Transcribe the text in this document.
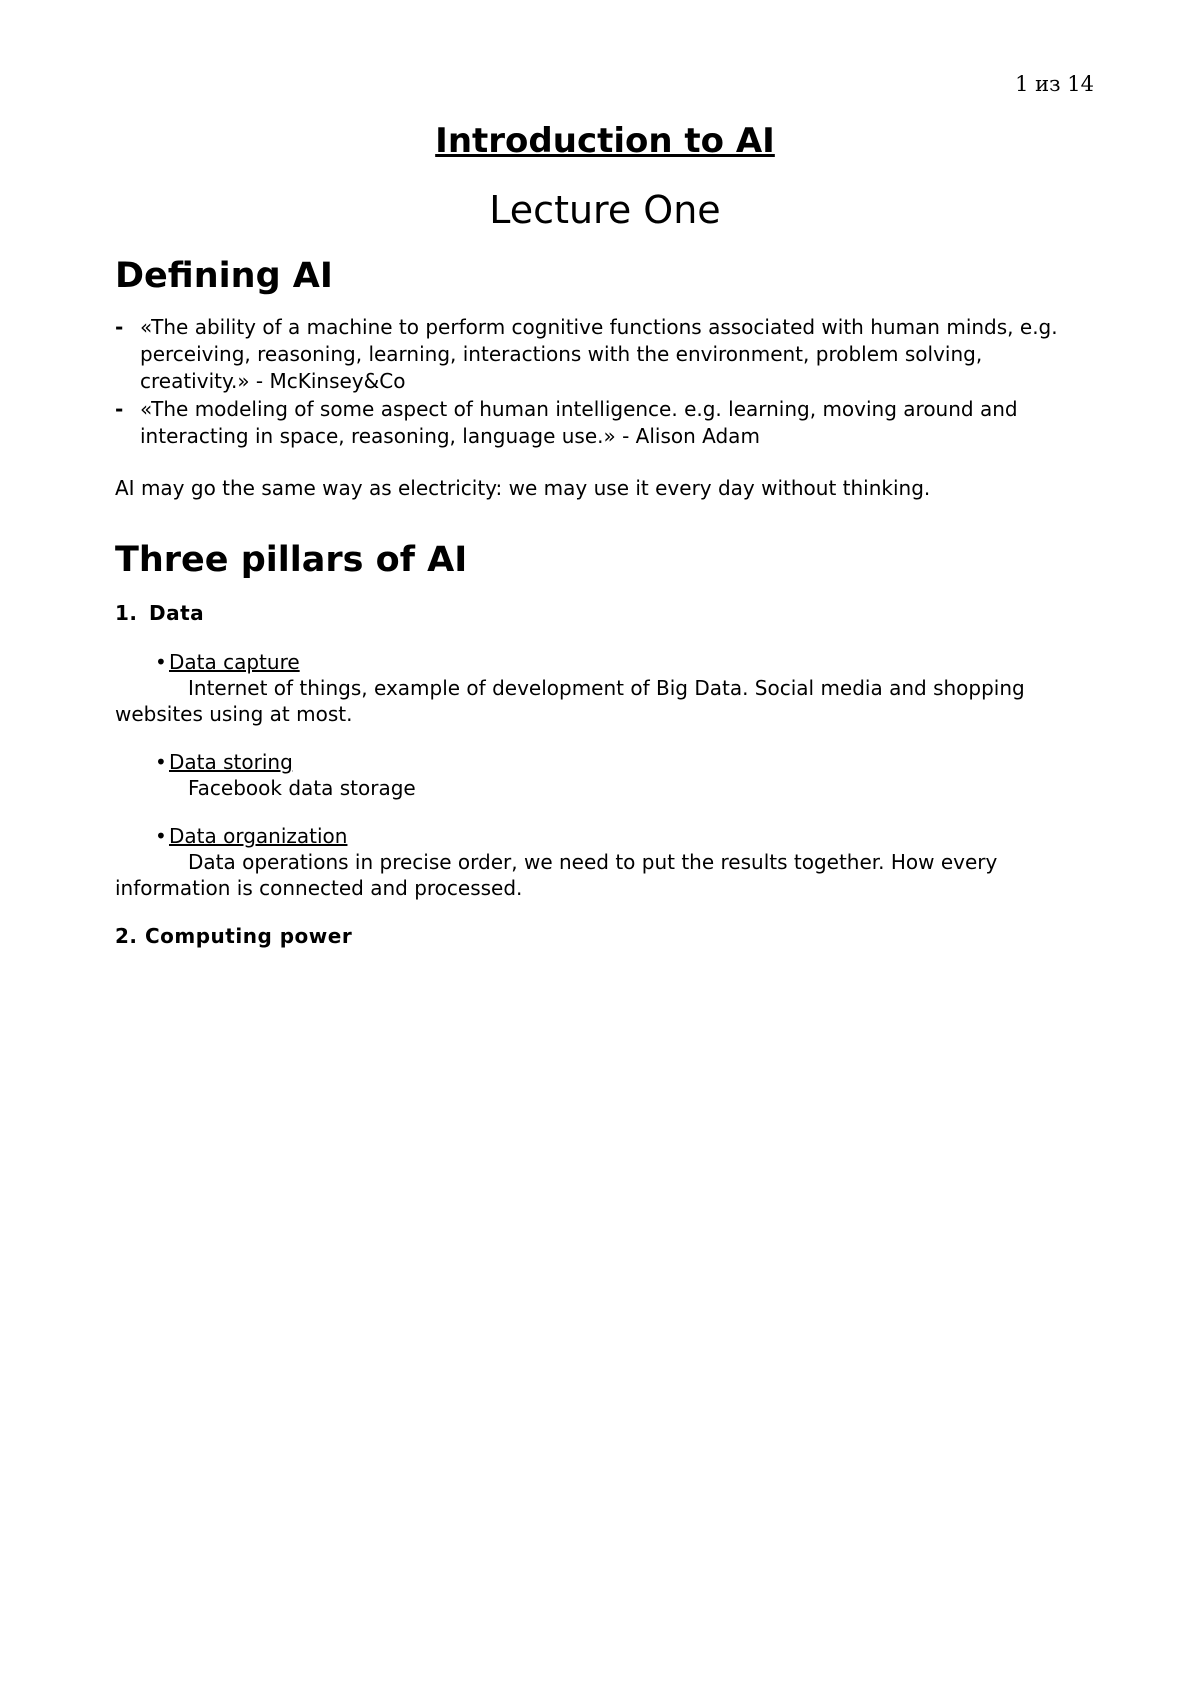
1 из 14
Introduction to AI
Lecture One
Defining AI
- «The ability of a machine to perform cognitive functions associated with human minds, e.g. perceiving, reasoning, learning, interactions with the environment, problem solving, creativity.» - McKinsey&Co
- «The modeling of some aspect of human intelligence. e.g. learning, moving around and interacting in space, reasoning, language use.» - Alison Adam

AI may go the same way as electricity: we may use it every day without thinking.

Three pillars of AI
1. Data
• Data capture
Internet of things, example of development of Big Data. Social media and shopping websites using at most.
• Data storing
Facebook data storage
• Data organization
Data operations in precise order, we need to put the results together. How every information is connected and processed.
2. Computing power
